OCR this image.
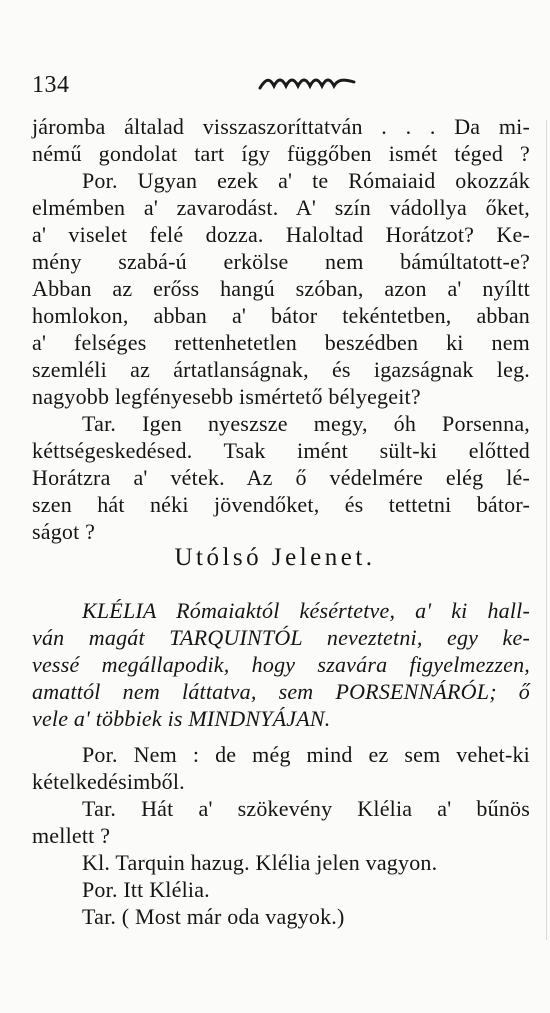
134
járomba általad visszaszoríttatván . . . Da mi-
némű gondolat tart így függőben ismét téged ?
Por. Ugyan ezek a' te Rómaiaid okozzák
elmémben a' zavarodást. A' szín vádollya őket,
a' viselet felé dozza. Haloltad Horátzot? Ke-
mény szabá-ú erkölse nem bámúltatott-e?
Abban az erőss hangú szóban, azon a' nyíltt
homlokon, abban a' bátor tekéntetben, abban
a' felséges rettenhetetlen beszédben ki nem
szemléli az ártatlanságnak, és igazságnak leg.
nagyobb legfényesebb ismértető bélyegeit?
Tar. Igen nyeszsze megy, óh Porsenna,
kéttségeskedésed. Tsak imént sült-ki előtted
Horátzra a' vétek. Az ő védelmére elég lé-
szen hát néki jövendőket, és tettetni bátor-
ságot ?
Utólsó Jelenet.
KLÉLIA Rómaiaktól késértetve, a' ki hall-
ván magát TARQUINTÓL neveztetni, egy ke-
vessé megállapodik, hogy szavára figyelmezzen,
amattól nem láttatva, sem PORSENNÁRÓL; ő
vele a' többiek is MINDNYÁJAN.
Por. Nem : de még mind ez sem vehet-ki
kételkedésimből.
Tar. Hát a' szökevény Klélia a' bűnös
mellett ?
Kl. Tarquin hazug. Klélia jelen vagyon.
Por. Itt Klélia.
Tar. ( Most már oda vagyok.)
